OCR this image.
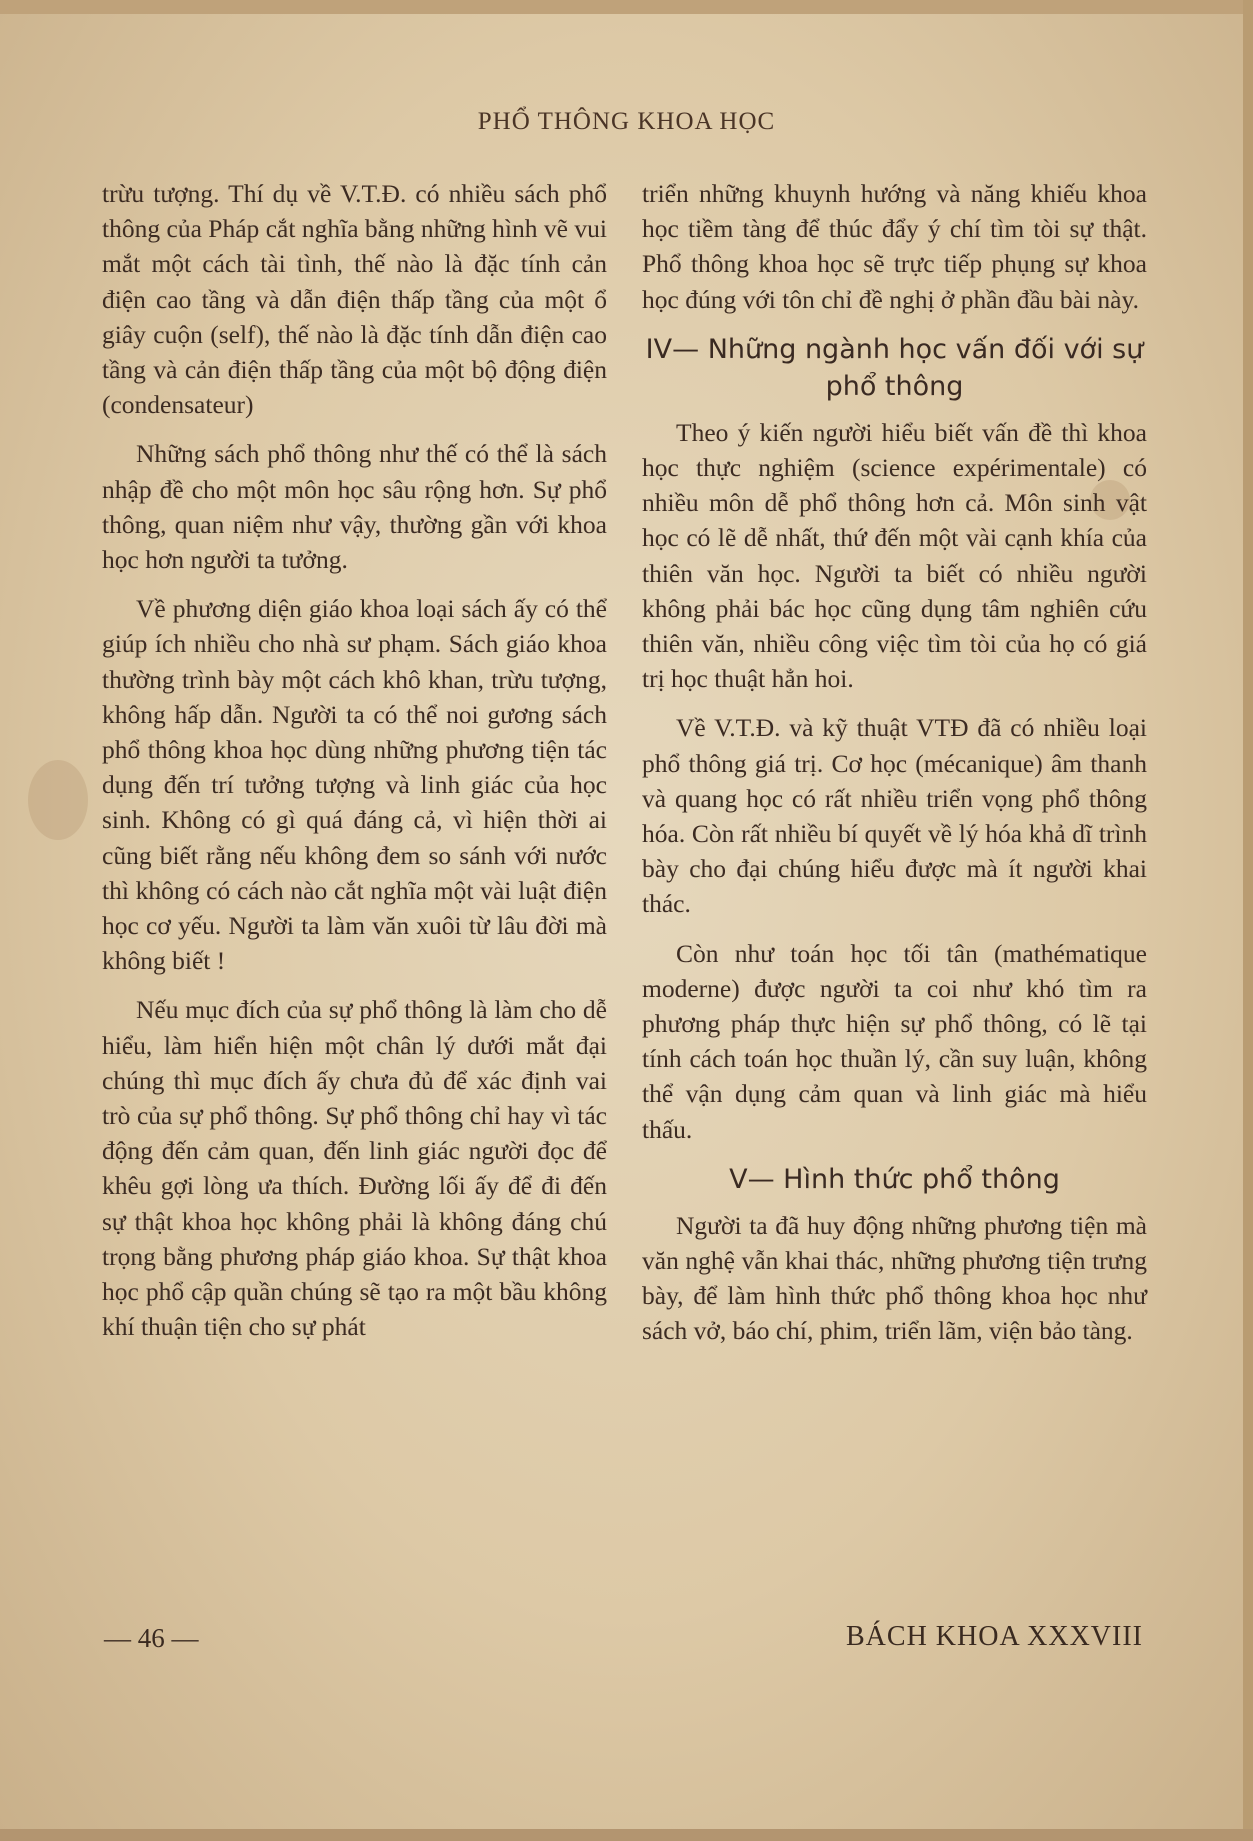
PHỔ THÔNG KHOA HỌC

trừu tượng. Thí dụ về V.T.Đ. có nhiều sách phổ thông của Pháp cắt nghĩa bằng những hình vẽ vui mắt một cách tài tình, thế nào là đặc tính cản điện cao tầng và dẫn điện thấp tầng của một ổ giây cuộn (self), thế nào là đặc tính dẫn điện cao tầng và cản điện thấp tầng của một bộ động điện (condensateur)

Những sách phổ thông như thế có thể là sách nhập đề cho một môn học sâu rộng hơn. Sự phổ thông, quan niệm như vậy, thường gần với khoa học hơn người ta tưởng.

Về phương diện giáo khoa loại sách ấy có thể giúp ích nhiều cho nhà sư phạm. Sách giáo khoa thường trình bày một cách khô khan, trừu tượng, không hấp dẫn. Người ta có thể noi gương sách phổ thông khoa học dùng những phương tiện tác dụng đến trí tưởng tượng và linh giác của học sinh. Không có gì quá đáng cả, vì hiện thời ai cũng biết rằng nếu không đem so sánh với nước thì không có cách nào cắt nghĩa một vài luật điện học cơ yếu. Người ta làm văn xuôi từ lâu đời mà không biết !

Nếu mục đích của sự phổ thông là làm cho dễ hiểu, làm hiển hiện một chân lý dưới mắt đại chúng thì mục đích ấy chưa đủ để xác định vai trò của sự phổ thông. Sự phổ thông chỉ hay vì tác động đến cảm quan, đến linh giác người đọc để khêu gợi lòng ưa thích. Đường lối ấy để đi đến sự thật khoa học không phải là không đáng chú trọng bằng phương pháp giáo khoa. Sự thật khoa học phổ cập quần chúng sẽ tạo ra một bầu không khí thuận tiện cho sự phát

triển những khuynh hướng và năng khiếu khoa học tiềm tàng để thúc đẩy ý chí tìm tòi sự thật. Phổ thông khoa học sẽ trực tiếp phụng sự khoa học đúng với tôn chỉ đề nghị ở phần đầu bài này.

IV— Những ngành học vấn đối với sự phổ thông

Theo ý kiến người hiểu biết vấn đề thì khoa học thực nghiệm (science expérimentale) có nhiều môn dễ phổ thông hơn cả. Môn sinh vật học có lẽ dễ nhất, thứ đến một vài cạnh khía của thiên văn học. Người ta biết có nhiều người không phải bác học cũng dụng tâm nghiên cứu thiên văn, nhiều công việc tìm tòi của họ có giá trị học thuật hẳn hoi.

Về V.T.Đ. và kỹ thuật VTĐ đã có nhiều loại phổ thông giá trị. Cơ học (mécanique) âm thanh và quang học có rất nhiều triển vọng phổ thông hóa. Còn rất nhiều bí quyết về lý hóa khả dĩ trình bày cho đại chúng hiểu được mà ít người khai thác.

Còn như toán học tối tân (mathématique moderne) được người ta coi như khó tìm ra phương pháp thực hiện sự phổ thông, có lẽ tại tính cách toán học thuần lý, cần suy luận, không thể vận dụng cảm quan và linh giác mà hiểu thấu.

V— Hình thức phổ thông

Người ta đã huy động những phương tiện mà văn nghệ vẫn khai thác, những phương tiện trưng bày, để làm hình thức phổ thông khoa học như sách vở, báo chí, phim, triển lãm, viện bảo tàng.

— 46 —	BÁCH KHOA XXXVIII
